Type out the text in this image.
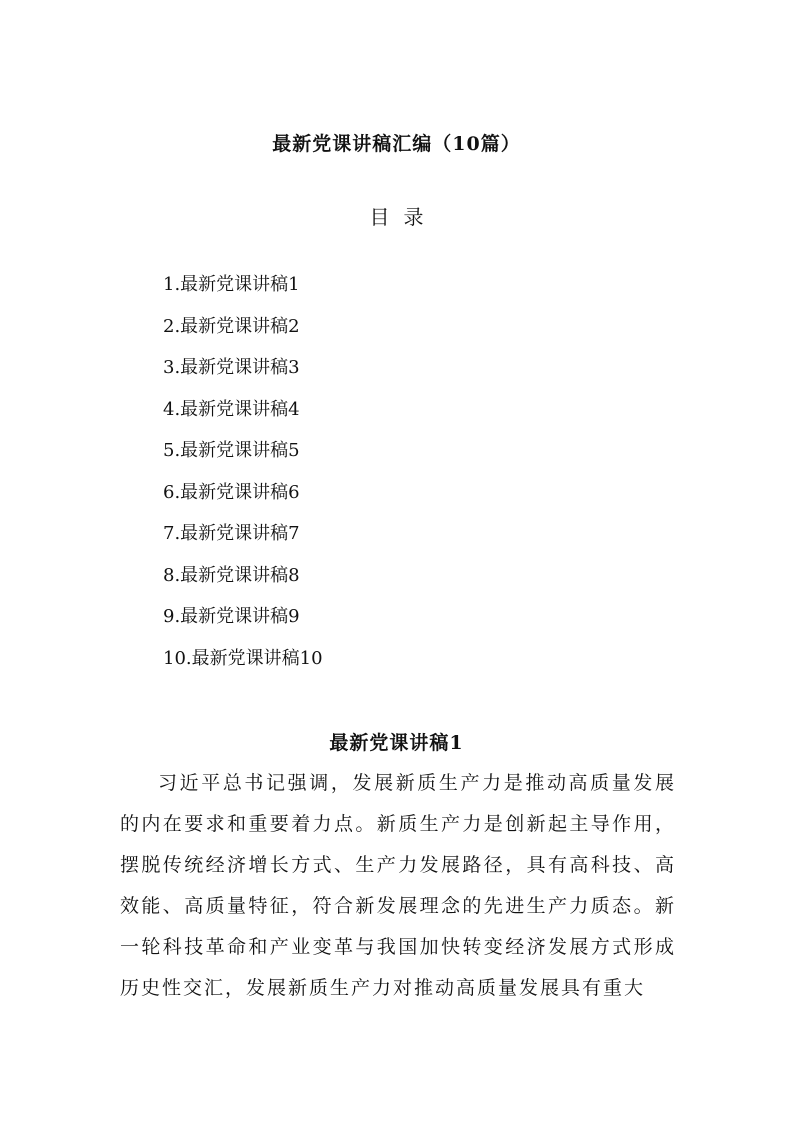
最新党课讲稿汇编（10篇）
目录
1.最新党课讲稿1
2.最新党课讲稿2
3.最新党课讲稿3
4.最新党课讲稿4
5.最新党课讲稿5
6.最新党课讲稿6
7.最新党课讲稿7
8.最新党课讲稿8
9.最新党课讲稿9
10.最新党课讲稿10
最新党课讲稿1

习近平总书记强调，发展新质生产力是推动高质量发展的内在要求和重要着力点。新质生产力是创新起主导作用，摆脱传统经济增长方式、生产力发展路径，具有高科技、高效能、高质量特征，符合新发展理念的先进生产力质态。新一轮科技革命和产业变革与我国加快转变经济发展方式形成历史性交汇，发展新质生产力对推动高质量发展具有重大
